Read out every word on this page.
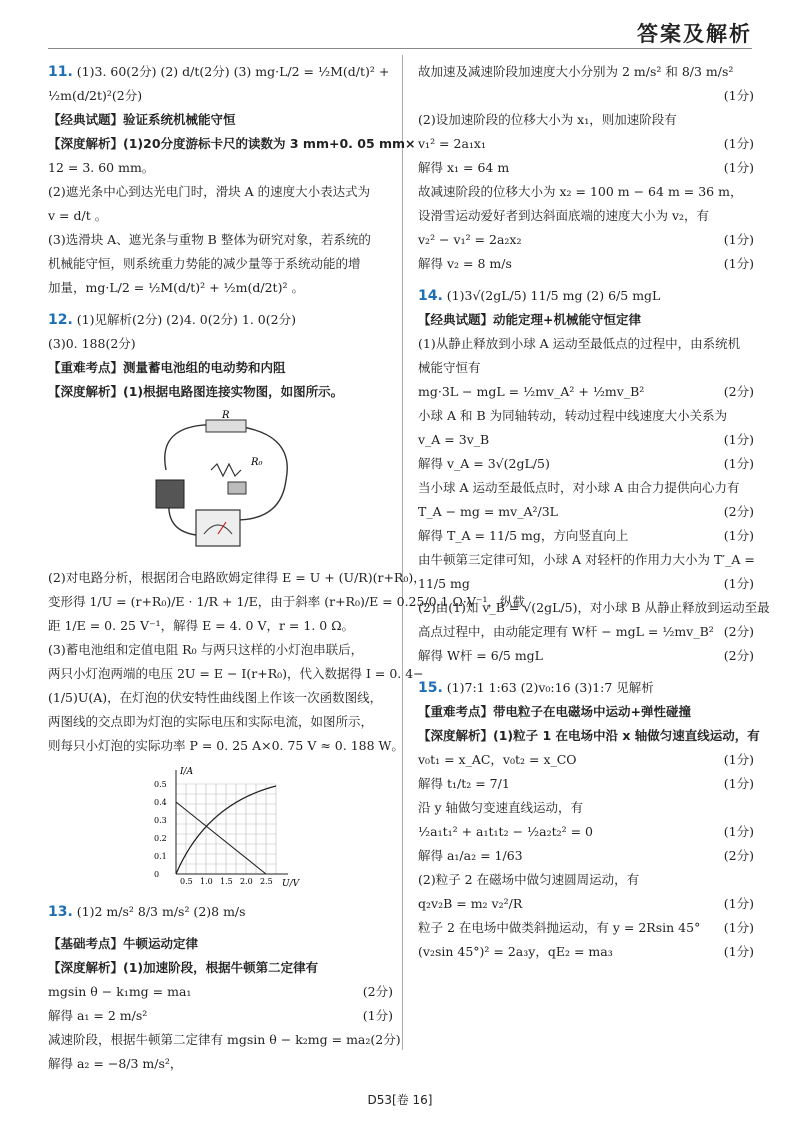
答案及解析
11. (1)3. 60(2分) (2) d/t(2分) (3) mg·L/2 = ½M(d/t)² +
½m(d/2t)²(2分)
【经典试题】验证系统机械能守恒
【深度解析】(1)20分度游标卡尺的读数为 3 mm+0. 05 mm×
12 = 3. 60 mm。
(2)遮光条中心到达光电门时，滑块 A 的速度大小表达式为
v = d/t 。
(3)选滑块 A、遮光条与重物 B 整体为研究对象，若系统的
机械能守恒，则系统重力势能的减少量等于系统动能的增
加量，mg·L/2 = ½M(d/t)² + ½m(d/2t)² 。
12. (1)见解析(2分) (2)4. 0(2分) 1. 0(2分)
(3)0. 188(2分)
【重难考点】测量蓄电池组的电动势和内阻
【深度解析】(1)根据电路图连接实物图，如图所示。
R
R₀
(2)对电路分析，根据闭合电路欧姆定律得 E = U + (U/R)(r+R₀)，
变形得 1/U = (r+R₀)/E · 1/R + 1/E，由于斜率 (r+R₀)/E = 0.25/0.1 Ω·V⁻¹，纵截
距 1/E = 0. 25 V⁻¹，解得 E = 4. 0 V，r = 1. 0 Ω。
(3)蓄电池组和定值电阻 R₀ 与两只这样的小灯泡串联后，
两只小灯泡两端的电压 2U = E − I(r+R₀)，代入数据得 I = 0. 4−
(1/5)U(A)，在灯泡的伏安特性曲线图上作该一次函数图线，
两图线的交点即为灯泡的实际电压和实际电流，如图所示，
则每只小灯泡的实际功率 P = 0. 25 A×0. 75 V ≈ 0. 188 W。
I/A
U/V
0.5
0.4
0.3
0.2
0.1
0
0.5 1.0 1.5 2.0 2.5
13. (1)2 m/s² 8/3 m/s² (2)8 m/s
【基础考点】牛顿运动定律
【深度解析】(1)加速阶段，根据牛顿第二定律有
mgsin θ − k₁mg = ma₁	(2分)
解得 a₁ = 2 m/s²	(1分)
减速阶段，根据牛顿第二定律有 mgsin θ − k₂mg = ma₂ (2分)
解得 a₂ = −8/3 m/s²，
故加速及减速阶段加速度大小分别为 2 m/s² 和 8/3 m/s²
(1分)
(2)设加速阶段的位移大小为 x₁，则加速阶段有
v₁² = 2a₁x₁	(1分)
解得 x₁ = 64 m	(1分)
故减速阶段的位移大小为 x₂ = 100 m − 64 m = 36 m，
设滑雪运动爱好者到达斜面底端的速度大小为 v₂，有
v₂² − v₁² = 2a₂x₂	(1分)
解得 v₂ = 8 m/s	(1分)
14. (1)3√(2gL/5) 11/5 mg (2) 6/5 mgL
【经典试题】动能定理+机械能守恒定律
(1)从静止释放到小球 A 运动至最低点的过程中，由系统机
械能守恒有
mg·3L − mgL = ½mv_A² + ½mv_B²	(2分)
小球 A 和 B 为同轴转动，转动过程中线速度大小关系为
v_A = 3v_B	(1分)
解得 v_A = 3√(2gL/5)	(1分)
当小球 A 运动至最低点时，对小球 A 由合力提供向心力有
T_A − mg = mv_A²/3L	(2分)
解得 T_A = 11/5 mg，方向竖直向上	(1分)
由牛顿第三定律可知，小球 A 对轻杆的作用力大小为 T′_A =
11/5 mg	(1分)
(2)由(1)知 v_B = √(2gL/5)，对小球 B 从静止释放到运动至最
高点过程中，由动能定理有 W杆 − mgL = ½mv_B² (2分)
解得 W杆 = 6/5 mgL	(2分)
15. (1)7:1 1:63 (2)v₀:16 (3)1:7 见解析
【重难考点】带电粒子在电磁场中运动+弹性碰撞
【深度解析】(1)粒子 1 在电场中沿 x 轴做匀速直线运动，有
v₀t₁ = x_AC，v₀t₂ = x_CO	(1分)
解得 t₁/t₂ = 7/1	(1分)
沿 y 轴做匀变速直线运动，有
½a₁t₁² + a₁t₁t₂ − ½a₂t₂² = 0	(1分)
解得 a₁/a₂ = 1/63	(2分)
(2)粒子 2 在磁场中做匀速圆周运动，有
q₂v₂B = m₂ v₂²/R	(1分)
粒子 2 在电场中做类斜抛运动，有 y = 2Rsin 45° (1分)
(v₂sin 45°)² = 2a₃y，qE₂ = ma₃	(1分)
D53[卷 16]
